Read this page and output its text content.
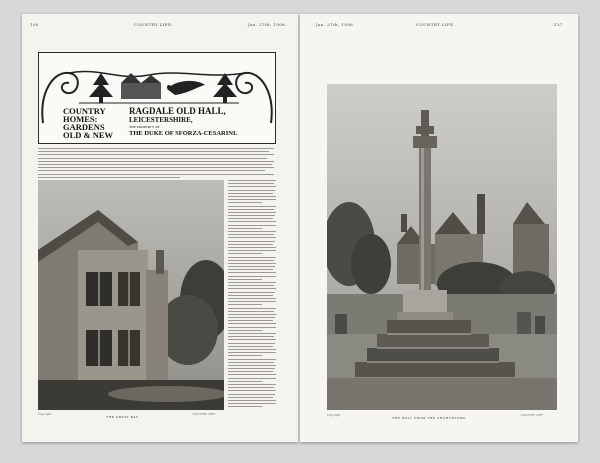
100	COUNTRY LIFE.	Jan. 27th, 1906.
COUNTRY
HOMES:
GARDENS
OLD & NEW
RAGDALE OLD HALL,
LEICESTERSHIRE,
THE PROPERTY OF
THE DUKE OF SFORZA-CESARINI.
Copyright
THE GREAT BAY.
"COUNTRY LIFE"
Jan. 27th, 1906.	COUNTRY LIFE.	137
Copyright
THE HALL FROM THE CHURCHYARD.
"COUNTRY LIFE"
